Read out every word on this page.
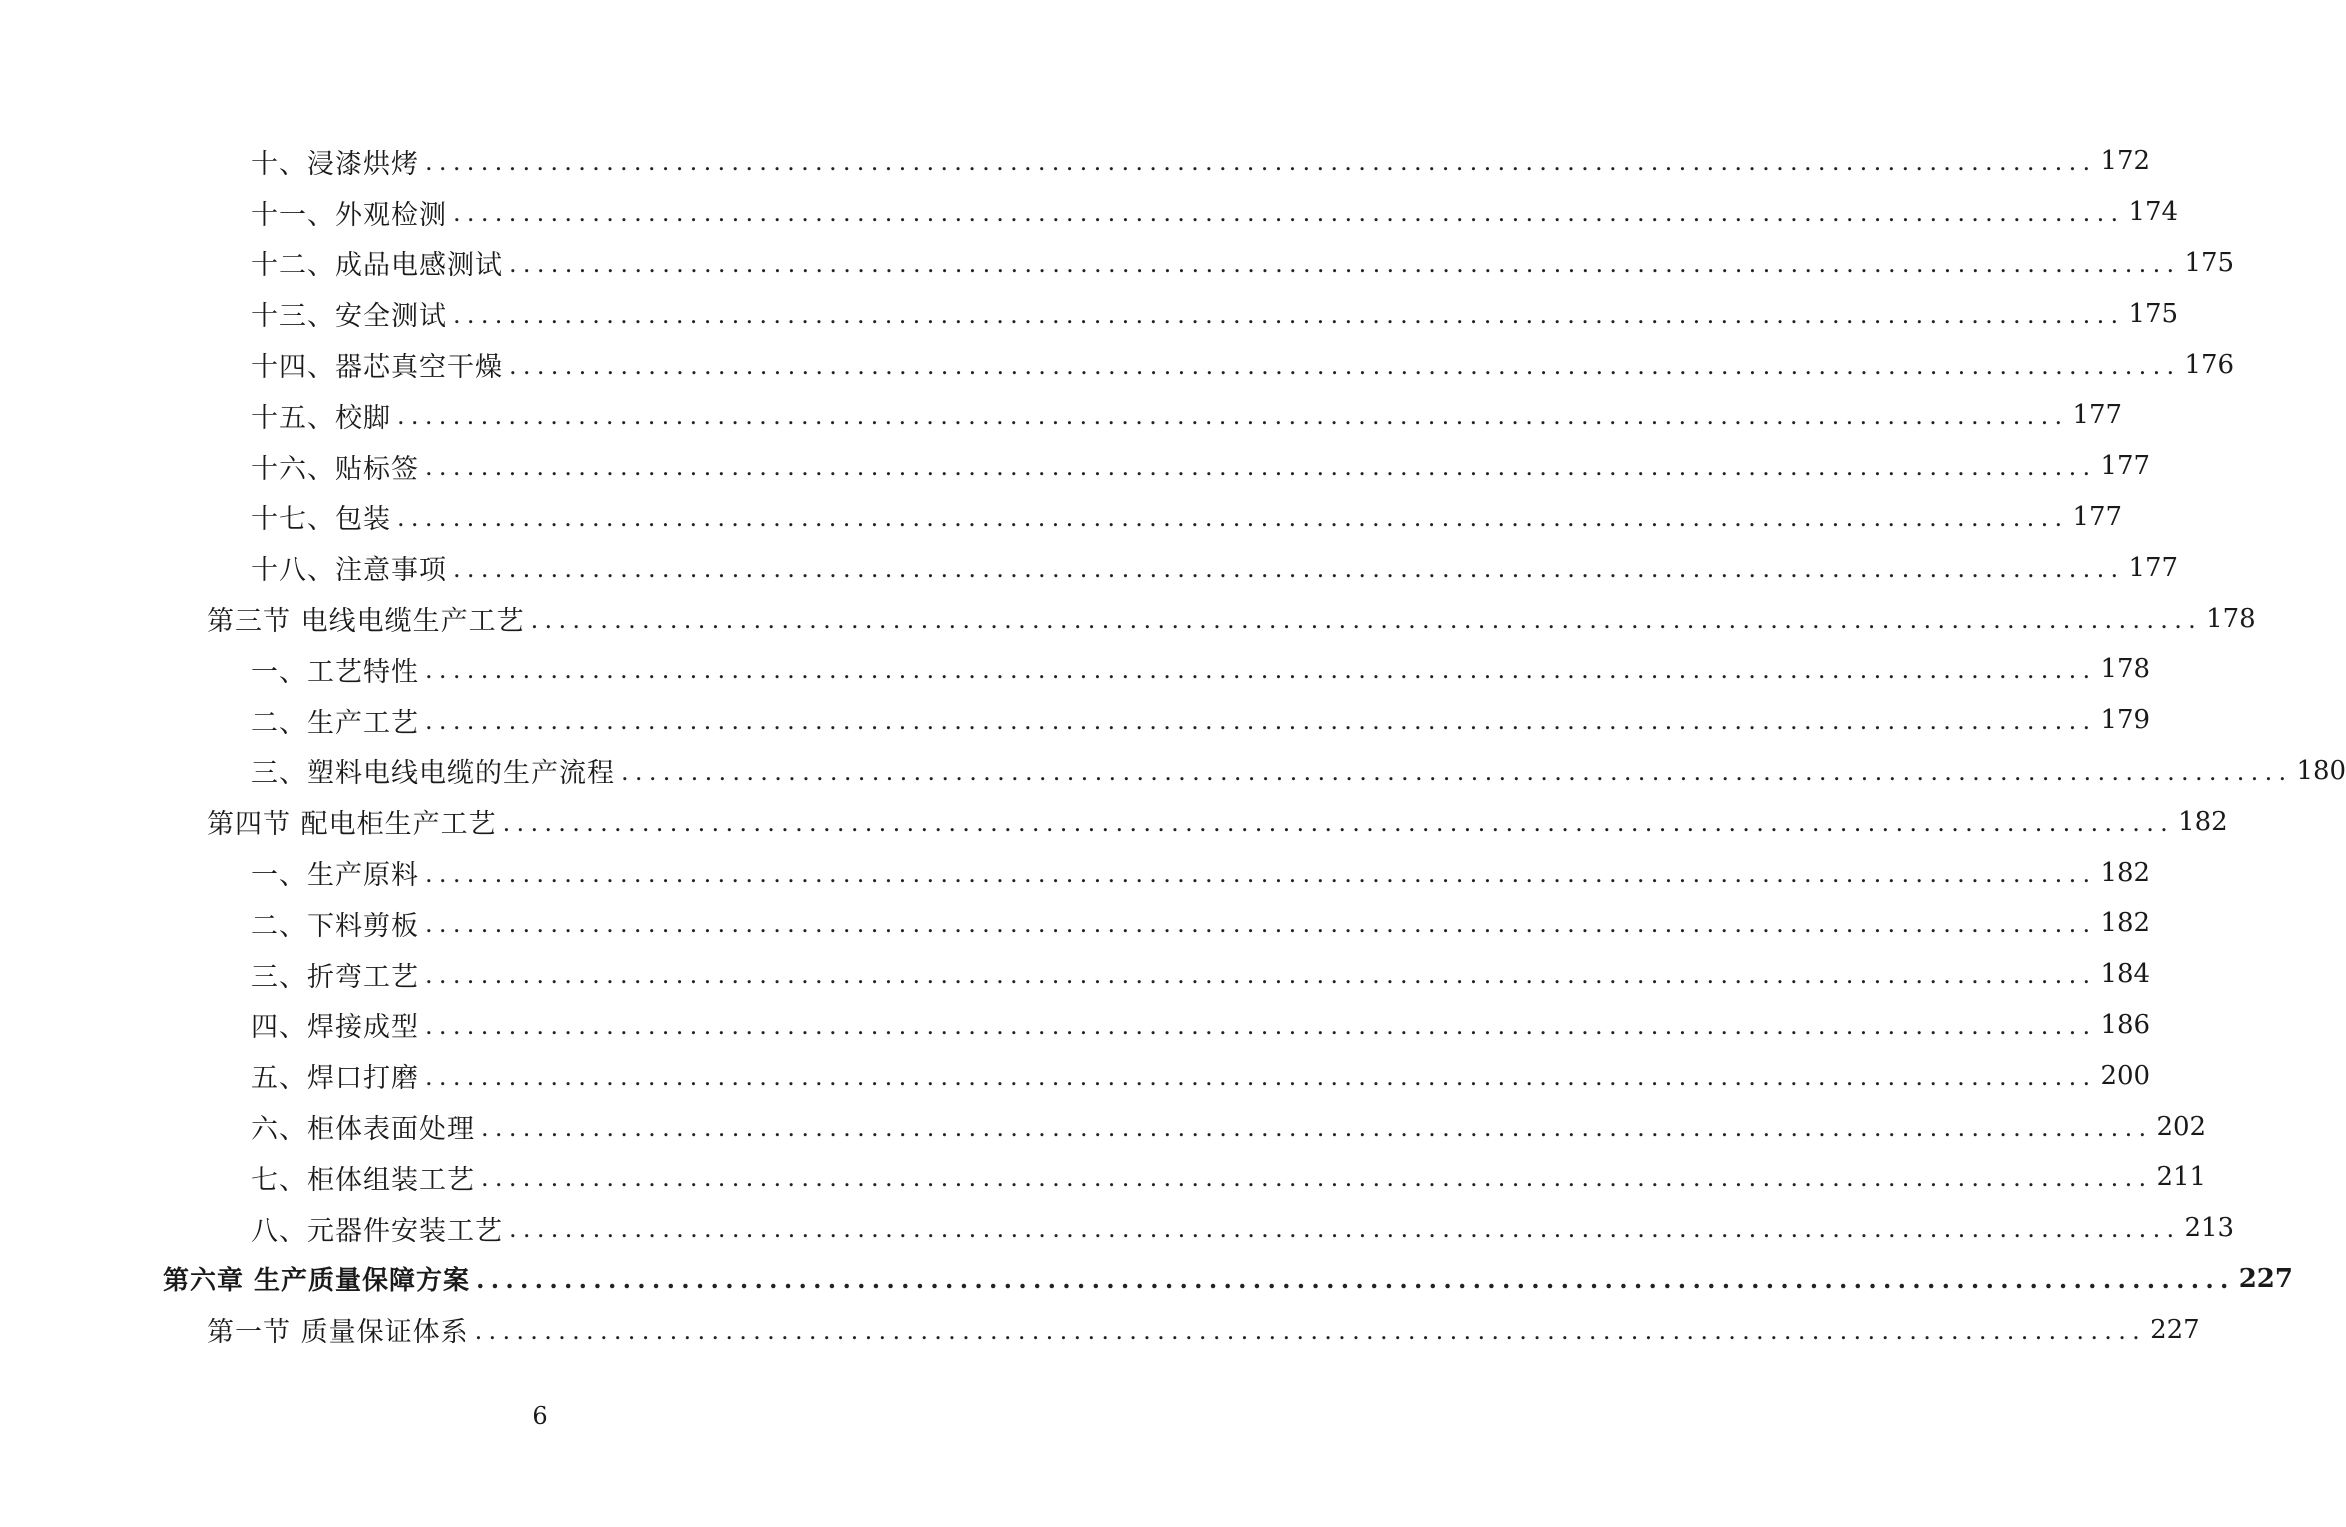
十、浸漆烘烤 ........................................................................................................................ 172
十一、外观检测 ........................................................................................................................ 174
十二、成品电感测试 ........................................................................................................................ 175
十三、安全测试 ........................................................................................................................ 175
十四、器芯真空干燥 ........................................................................................................................ 176
十五、校脚 ........................................................................................................................ 177
十六、贴标签 ........................................................................................................................ 177
十七、包装 ........................................................................................................................ 177
十八、注意事项 ........................................................................................................................ 177
第三节 电线电缆生产工艺 ........................................................................................................................ 178
一、工艺特性 ........................................................................................................................ 178
二、生产工艺 ........................................................................................................................ 179
三、塑料电线电缆的生产流程 ........................................................................................................................ 180
第四节 配电柜生产工艺 ........................................................................................................................ 182
一、生产原料 ........................................................................................................................ 182
二、下料剪板 ........................................................................................................................ 182
三、折弯工艺 ........................................................................................................................ 184
四、焊接成型 ........................................................................................................................ 186
五、焊口打磨 ........................................................................................................................ 200
六、柜体表面处理 ........................................................................................................................ 202
七、柜体组装工艺 ........................................................................................................................ 211
八、元器件安装工艺 ........................................................................................................................ 213
第六章 生产质量保障方案 ........................................................................................................................ 227
第一节 质量保证体系 ........................................................................................................................ 227
6
